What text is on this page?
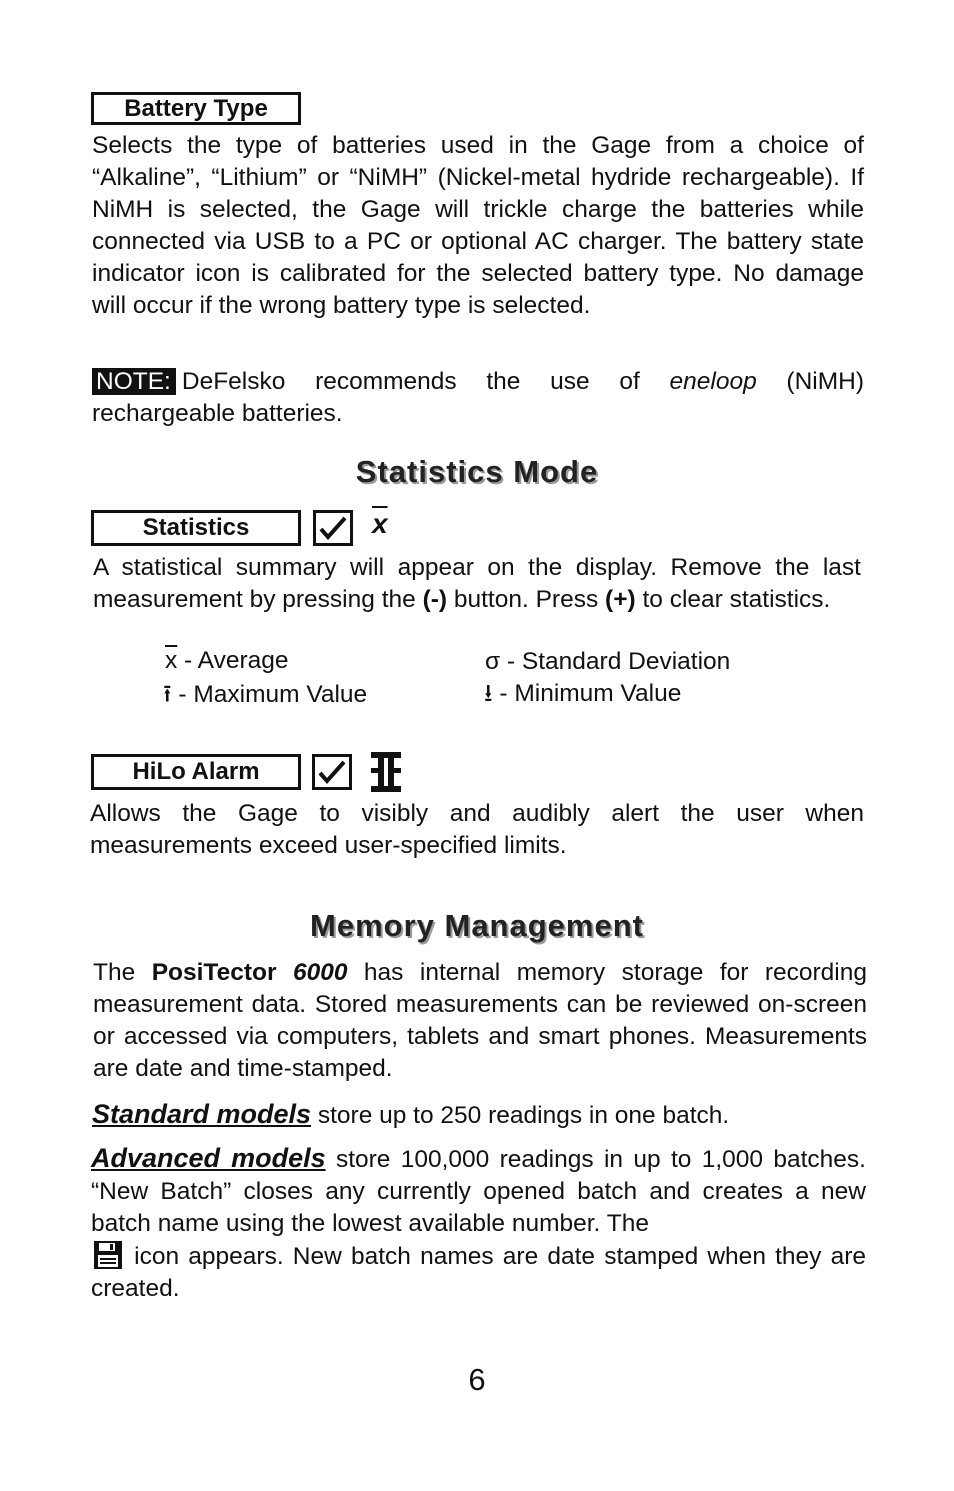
Battery Type
Selects the type of batteries used in the Gage from a choice of “Alkaline”, “Lithium” or “NiMH” (Nickel-metal hydride rechargeable). If NiMH is selected, the Gage will trickle charge the batteries while connected via USB to a PC or optional AC charger. The battery state indicator icon is calibrated for the selected battery type. No damage will occur if the wrong battery type is selected.
NOTE: DeFelsko recommends the use of eneloop (NiMH) rechargeable batteries.
Statistics Mode
Statistics	$\overline{x}$
A statistical summary will appear on the display. Remove the last measurement by pressing the (-) button. Press (+) to clear statistics.
$\overline{x}$ - Average	σ - Standard Deviation
⭱ - Maximum Value	⭳ - Minimum Value
HiLo Alarm
Allows the Gage to visibly and audibly alert the user when measurements exceed user-specified limits.
Memory Management
The PosiTector 6000 has internal memory storage for recording measurement data. Stored measurements can be reviewed on-screen or accessed via computers, tablets and smart phones. Measurements are date and time-stamped.
Standard models store up to 250 readings in one batch.
Advanced models store 100,000 readings in up to 1,000 batches. “New Batch” closes any currently opened batch and creates a new batch name using the lowest available number. The
icon appears. New batch names are date stamped when they are created.
6
